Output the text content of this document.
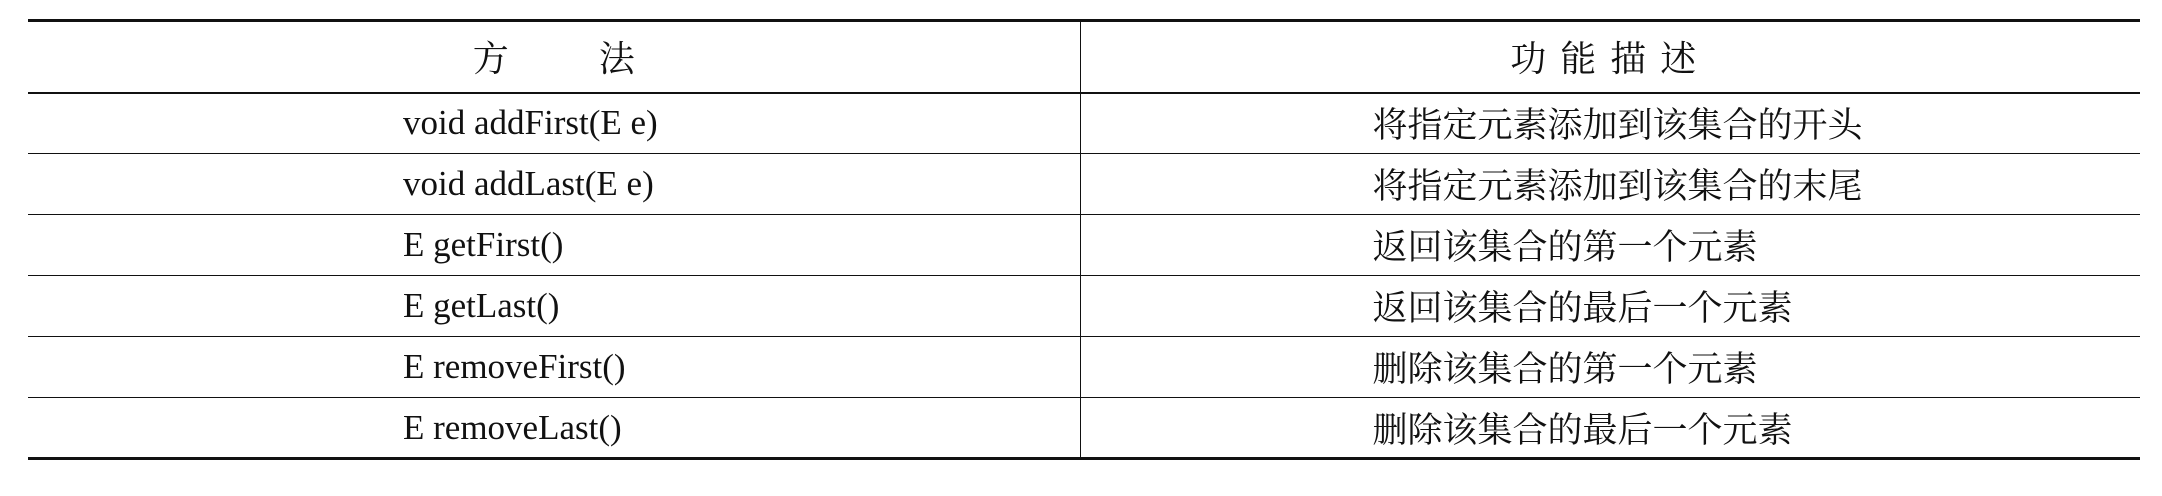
方 法	功能描述
void addFirst(E e)	将指定元素添加到该集合的开头
void addLast(E e)	将指定元素添加到该集合的末尾
E getFirst()	返回该集合的第一个元素
E getLast()	返回该集合的最后一个元素
E removeFirst()	删除该集合的第一个元素
E removeLast()	删除该集合的最后一个元素
